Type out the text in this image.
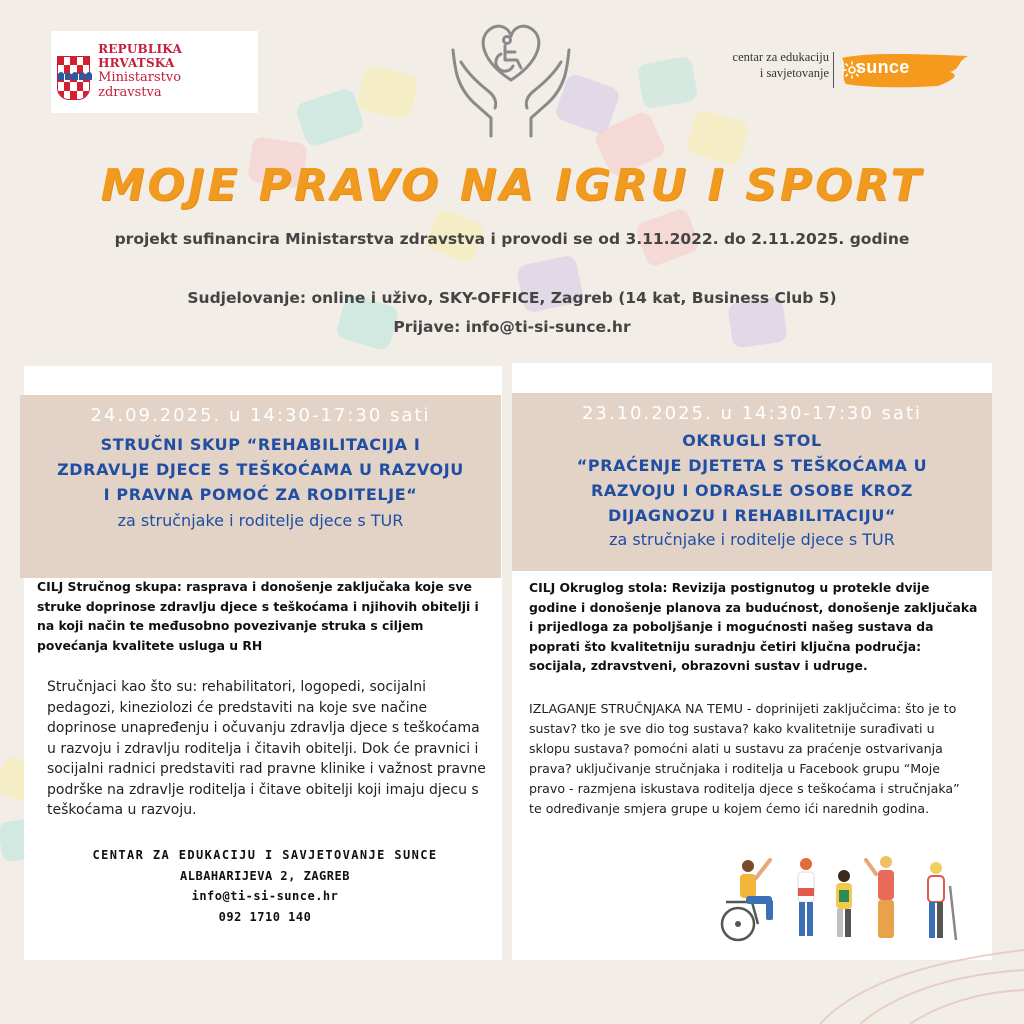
REPUBLIKA HRVATSKA
Ministarstvo
zdravstva
centar za edukaciju
i savjetovanje sunce
MOJE PRAVO NA IGRU I SPORT
projekt sufinancira Ministarstva zdravstva i provodi se od 3.11.2022. do 2.11.2025. godine
Sudjelovanje: online i uživo, SKY-OFFICE, Zagreb (14 kat, Business Club 5)
Prijave: info@ti-si-sunce.hr
24.09.2025. u 14:30-17:30 sati
STRUČNI SKUP “REHABILITACIJA I
ZDRAVLJE DJECE S TEŠKOĆAMA U RAZVOJU
I PRAVNA POMOĆ ZA RODITELJE“
za stručnjake i roditelje djece s TUR
23.10.2025. u 14:30-17:30 sati
OKRUGLI STOL
“PRAĆENJE DJETETA S TEŠKOĆAMA U
RAZVOJU I ODRASLE OSOBE KROZ
DIJAGNOZU I REHABILITACIJU“
za stručnjake i roditelje djece s TUR
CILJ Stručnog skupa: rasprava i donošenje zaključaka koje sve struke doprinose zdravlju djece s teškoćama i njihovih obitelji i na koji način te međusobno povezivanje struka s ciljem povećanja kvalitete usluga u RH
CILJ Okruglog stola: Revizija postignutog u protekle dvije godine i donošenje planova za budućnost, donošenje zaključaka i prijedloga za poboljšanje i mogućnosti našeg sustava da poprati što kvalitetniju suradnju četiri ključna područja: socijala, zdravstveni, obrazovni sustav i udruge.
Stručnjaci kao što su: rehabilitatori, logopedi, socijalni pedagozi, kineziolozi će predstaviti na koje sve načine doprinose unapređenju i očuvanju zdravlja djece s teškoćama u razvoju i zdravlju roditelja i čitavih obitelji. Dok će pravnici i socijalni radnici predstaviti rad pravne klinike i važnost pravne podrške na zdravlje roditelja i čitave obitelji koji imaju djecu s teškoćama u razvoju.
IZLAGANJE STRUČNJAKA NA TEMU - doprinijeti zaključcima: što je to sustav? tko je sve dio tog sustava? kako kvalitetnije surađivati u sklopu sustava? pomoćni alati u sustavu za praćenje ostvarivanja prava? uključivanje stručnjaka i roditelja u Facebook grupu “Moje pravo - razmjena iskustava roditelja djece s teškoćama i stručnjaka” te određivanje smjera grupe u kojem ćemo ići narednih godina.
CENTAR ZA EDUKACIJU I SAVJETOVANJE SUNCE
ALBAHARIJEVA 2, ZAGREB
info@ti-si-sunce.hr
092 1710 140
